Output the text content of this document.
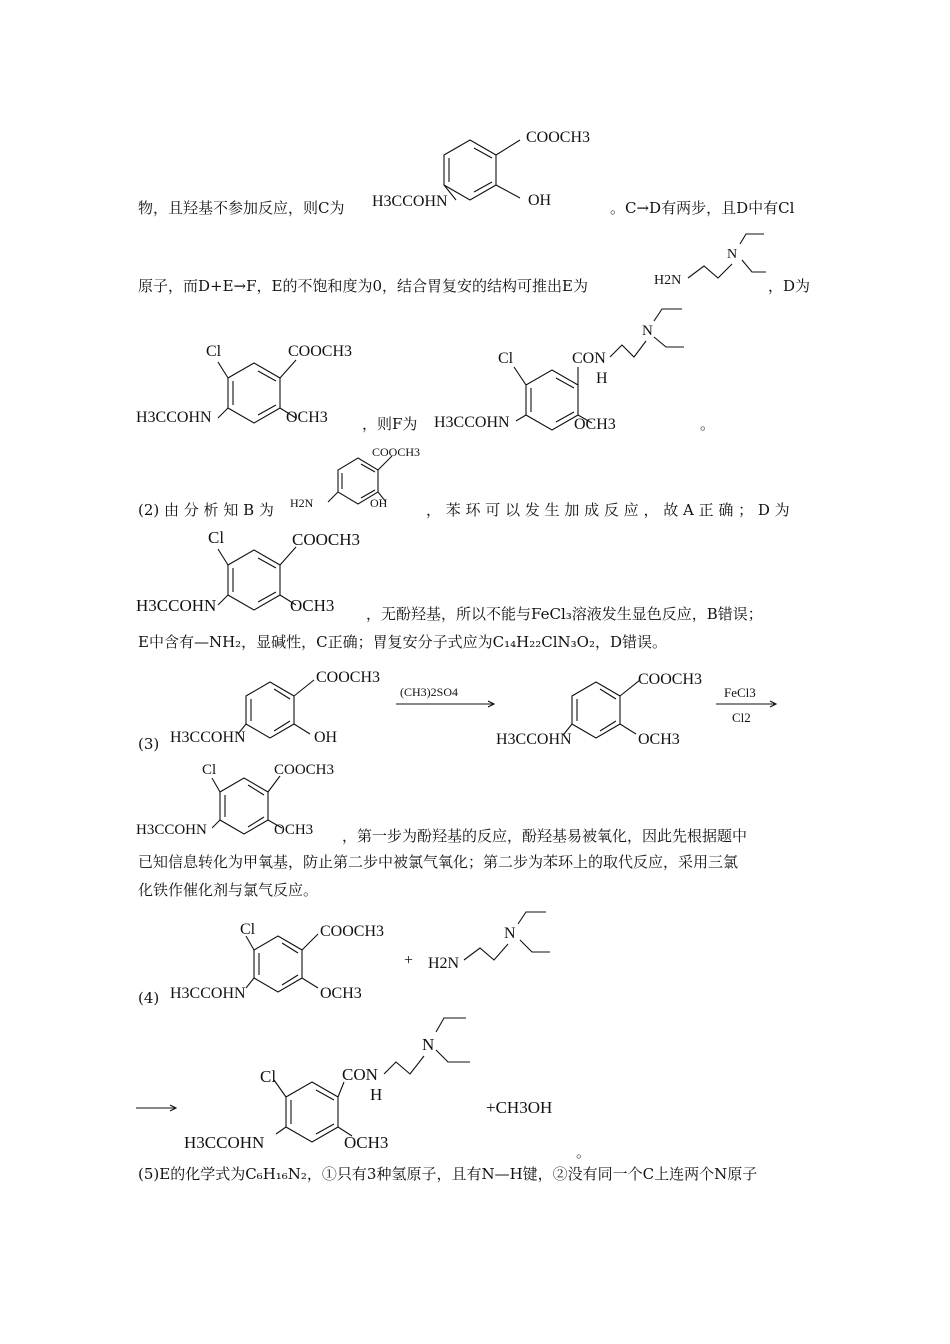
COOCH3
OH
H3CCOHN
物，且羟基不参加反应，则C为	。C→D有两步，且D中有Cl
原子，而D+E→F，E的不饱和度为0，结合胃复安的结构可推出E为	H2N
N
，D为
Cl	COOCH3
OCH3
H3CCOHN	，则F为
Cl	CON
H
N
OCH3
H3CCOHN	。
(2) 由 分 析 知 B 为
COOCH3
OH
H2N	， 苯 环 可 以 发 生 加 成 反 应 ， 故 A 正 确 ； D 为
Cl	COOCH3
OCH3
H3CCOHN	，无酚羟基，所以不能与FeCl₃溶液发生显色反应，B错误；
E中含有—NH₂，显碱性，C正确；胃复安分子式应为C₁₄H₂₂ClN₃O₂，D错误。
(3)
COOCH3
OH
H3CCOHN
(CH3)2SO4
COOCH3
OCH3
H3CCOHN
FeCl3
Cl2
Cl	COOCH3
OCH3
H3CCOHN	，第一步为酚羟基的反应，酚羟基易被氧化，因此先根据题中
已知信息转化为甲氧基，防止第二步中被氯气氧化；第二步为苯环上的取代反应，采用三氯
化铁作催化剂与氯气反应。
(4)
Cl	COOCH3
OCH3
H3CCOHN
+ H2N
N
Cl	CON
H
N
OCH3
H3CCOHN
+CH3OH
。
(5)E的化学式为C₆H₁₆N₂，①只有3种氢原子，且有N—H键，②没有同一个C上连两个N原子
